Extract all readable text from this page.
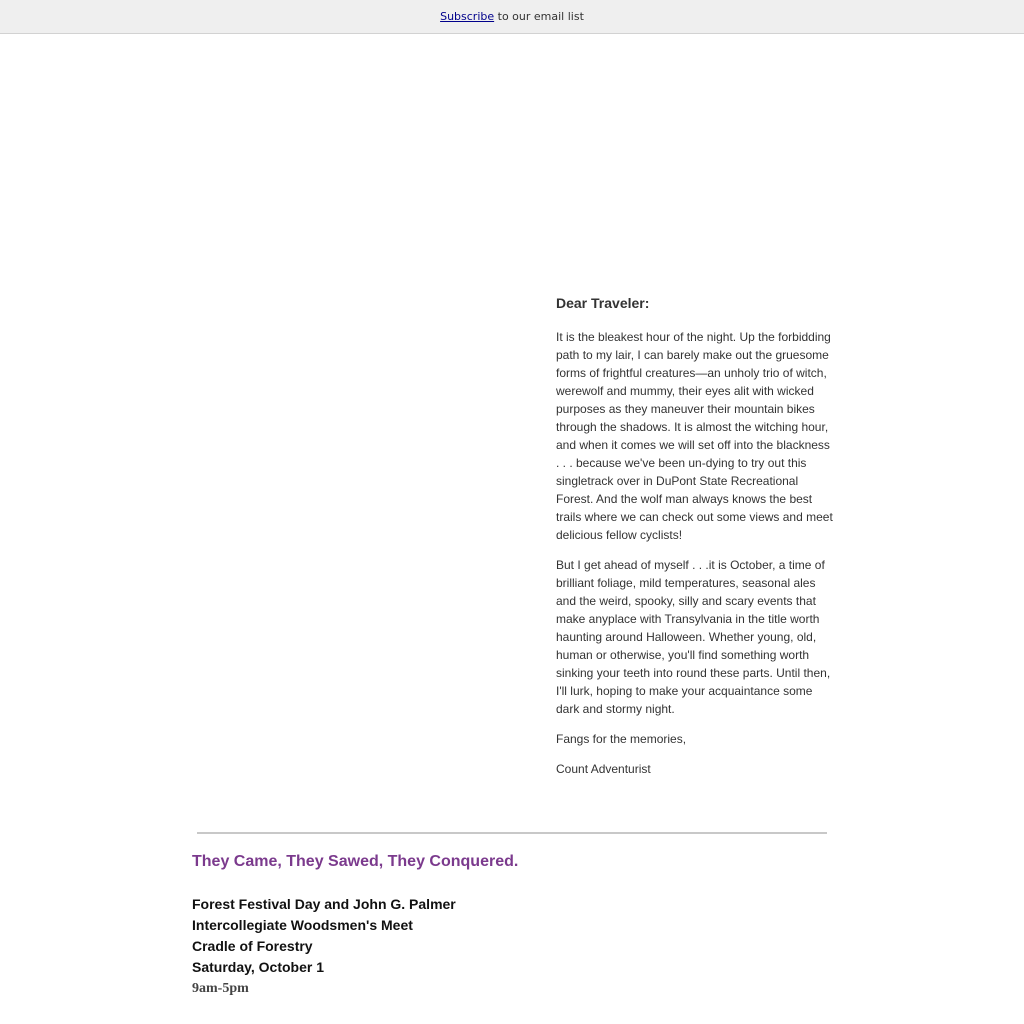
Subscribe to our email list
Dear Traveler:

It is the bleakest hour of the night. Up the forbidding path to my lair, I can barely make out the gruesome forms of frightful creatures—an unholy trio of witch, werewolf and mummy, their eyes alit with wicked purposes as they maneuver their mountain bikes through the shadows. It is almost the witching hour, and when it comes we will set off into the blackness . . . because we've been un-dying to try out this singletrack over in DuPont State Recreational Forest. And the wolf man always knows the best trails where we can check out some views and meet delicious fellow cyclists!

But I get ahead of myself . . .it is October, a time of brilliant foliage, mild temperatures, seasonal ales and the weird, spooky, silly and scary events that make anyplace with Transylvania in the title worth haunting around Halloween. Whether young, old, human or otherwise, you'll find something worth sinking your teeth into round these parts. Until then, I'll lurk, hoping to make your acquaintance some dark and stormy night.

Fangs for the memories,

Count Adventurist

They Came, They Sawed, They Conquered.
Forest Festival Day and John G. Palmer
Intercollegiate Woodsmen's Meet
Cradle of Forestry
Saturday, October 1
9am-5pm
